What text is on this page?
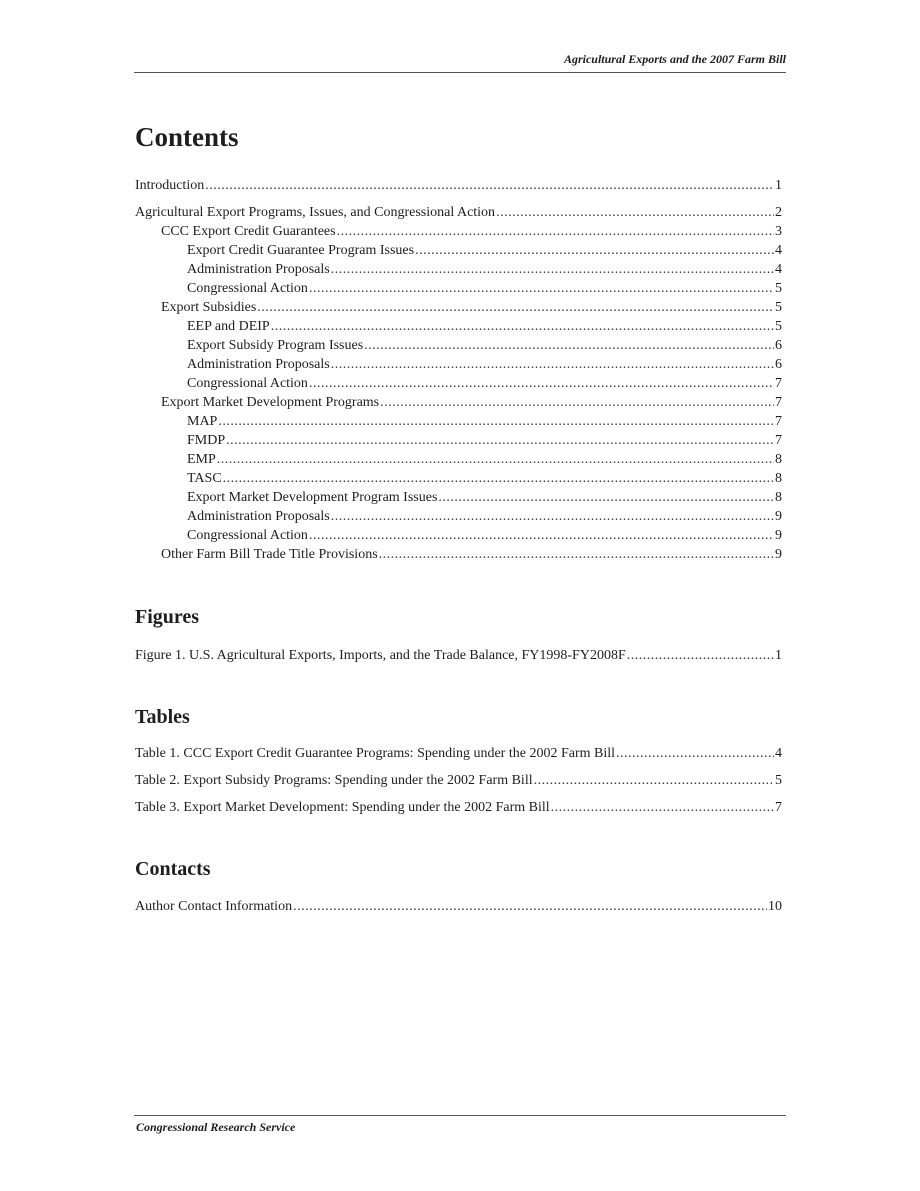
Agricultural Exports and the 2007 Farm Bill
Contents
Introduction .....	1
Agricultural Export Programs, Issues, and Congressional Action .....	2
CCC Export Credit Guarantees .....	3
Export Credit Guarantee Program Issues .....	4
Administration Proposals .....	4
Congressional Action .....	5
Export Subsidies .....	5
EEP and DEIP .....	5
Export Subsidy Program Issues .....	6
Administration Proposals .....	6
Congressional Action .....	7
Export Market Development Programs .....	7
MAP .....	7
FMDP .....	7
EMP .....	8
TASC .....	8
Export Market Development Program Issues .....	8
Administration Proposals .....	9
Congressional Action .....	9
Other Farm Bill Trade Title Provisions .....	9
Figures
Figure 1. U.S. Agricultural Exports, Imports, and the Trade Balance, FY1998-FY2008F .....	1
Tables
Table 1. CCC Export Credit Guarantee Programs: Spending under the 2002 Farm Bill .....	4
Table 2. Export Subsidy Programs: Spending under the 2002 Farm Bill .....	5
Table 3. Export Market Development: Spending under the 2002 Farm Bill .....	7
Contacts
Author Contact Information .....	10
Congressional Research Service
